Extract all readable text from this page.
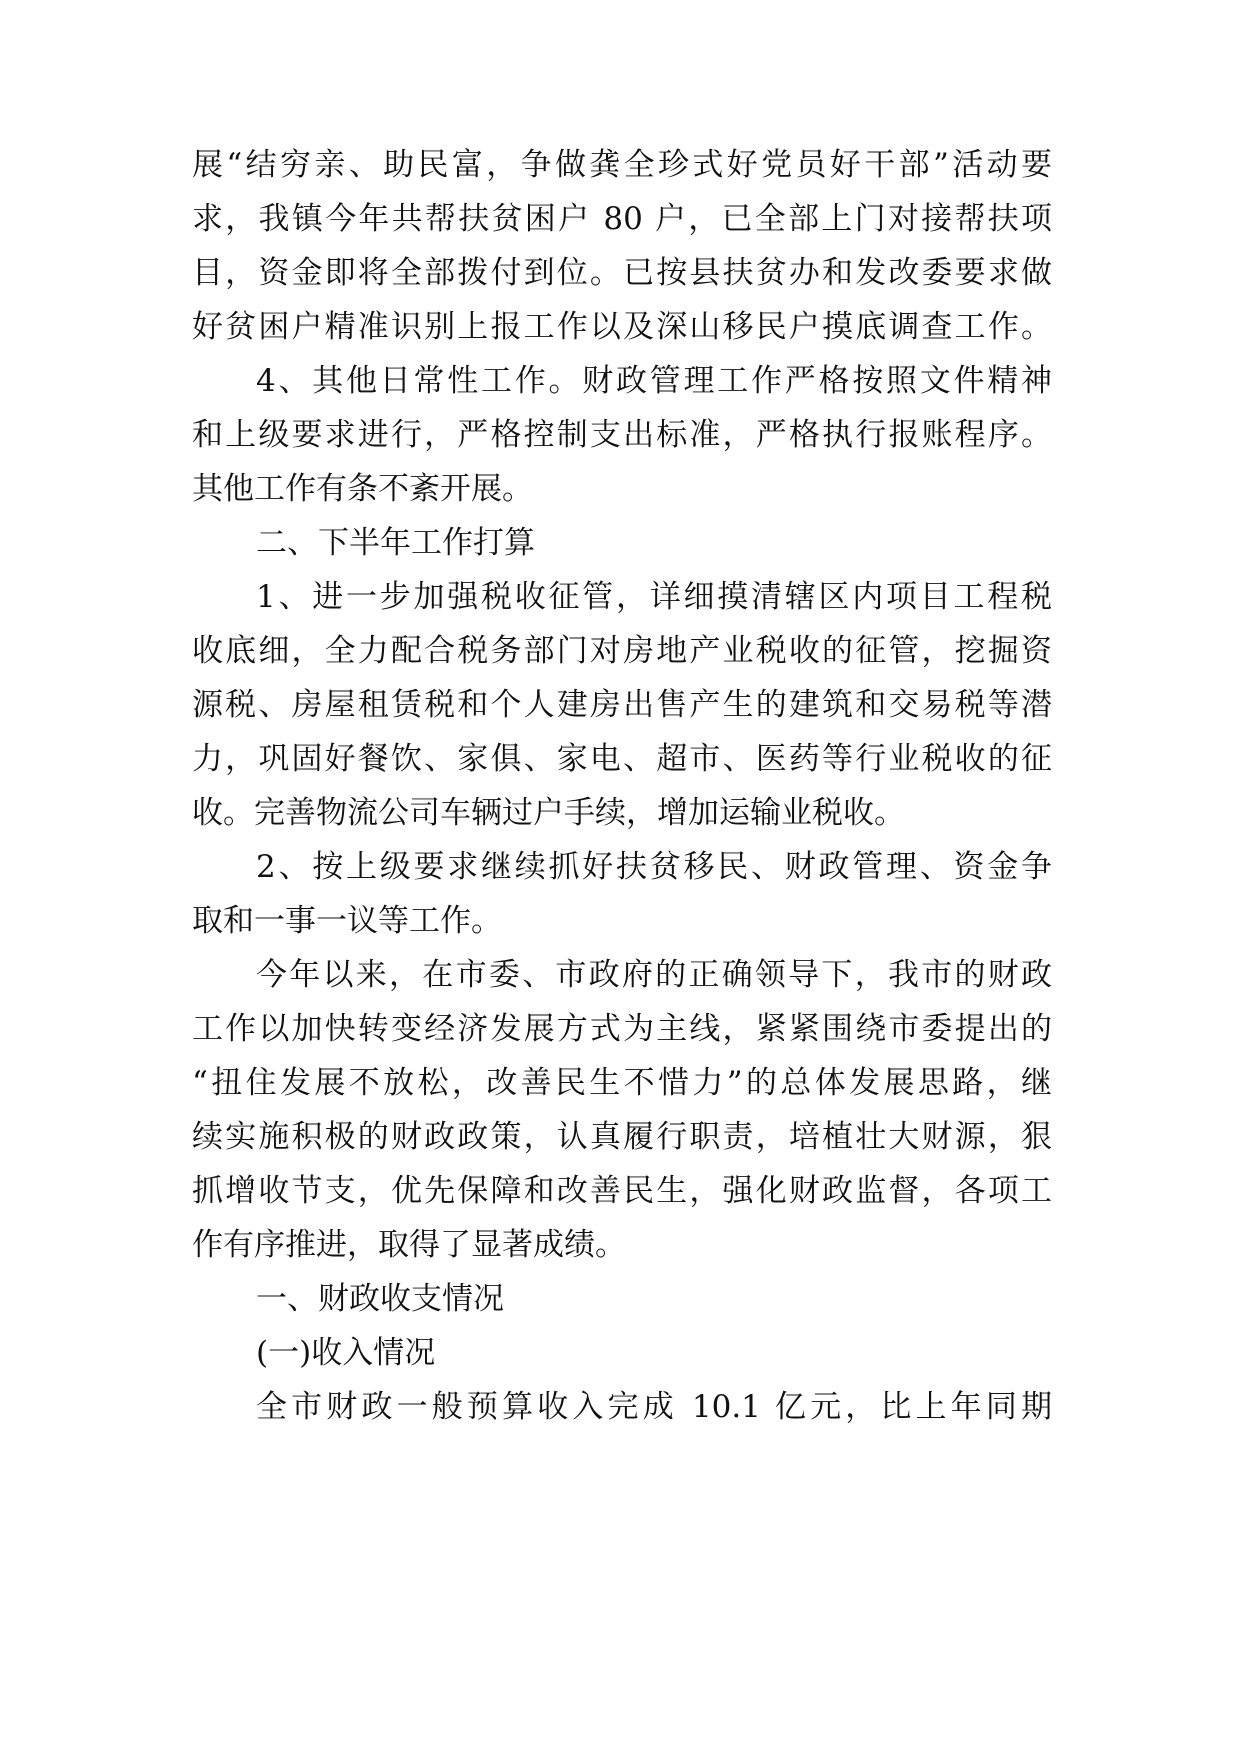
展“结穷亲、助民富，争做龚全珍式好党员好干部”活动要
求，我镇今年共帮扶贫困户 80 户，已全部上门对接帮扶项
目，资金即将全部拨付到位。已按县扶贫办和发改委要求做
好贫困户精准识别上报工作以及深山移民户摸底调查工作。
4、其他日常性工作。财政管理工作严格按照文件精神
和上级要求进行，严格控制支出标准，严格执行报账程序。
其他工作有条不紊开展。
二、下半年工作打算
1、进一步加强税收征管，详细摸清辖区内项目工程税
收底细，全力配合税务部门对房地产业税收的征管，挖掘资
源税、房屋租赁税和个人建房出售产生的建筑和交易税等潜
力，巩固好餐饮、家俱、家电、超市、医药等行业税收的征
收。完善物流公司车辆过户手续，增加运输业税收。
2、按上级要求继续抓好扶贫移民、财政管理、资金争
取和一事一议等工作。
今年以来，在市委、市政府的正确领导下，我市的财政
工作以加快转变经济发展方式为主线，紧紧围绕市委提出的
“扭住发展不放松，改善民生不惜力”的总体发展思路，继
续实施积极的财政政策，认真履行职责，培植壮大财源，狠
抓增收节支，优先保障和改善民生，强化财政监督，各项工
作有序推进，取得了显著成绩。
一、财政收支情况
(一)收入情况
全市财政一般预算收入完成 10.1 亿元，比上年同期
